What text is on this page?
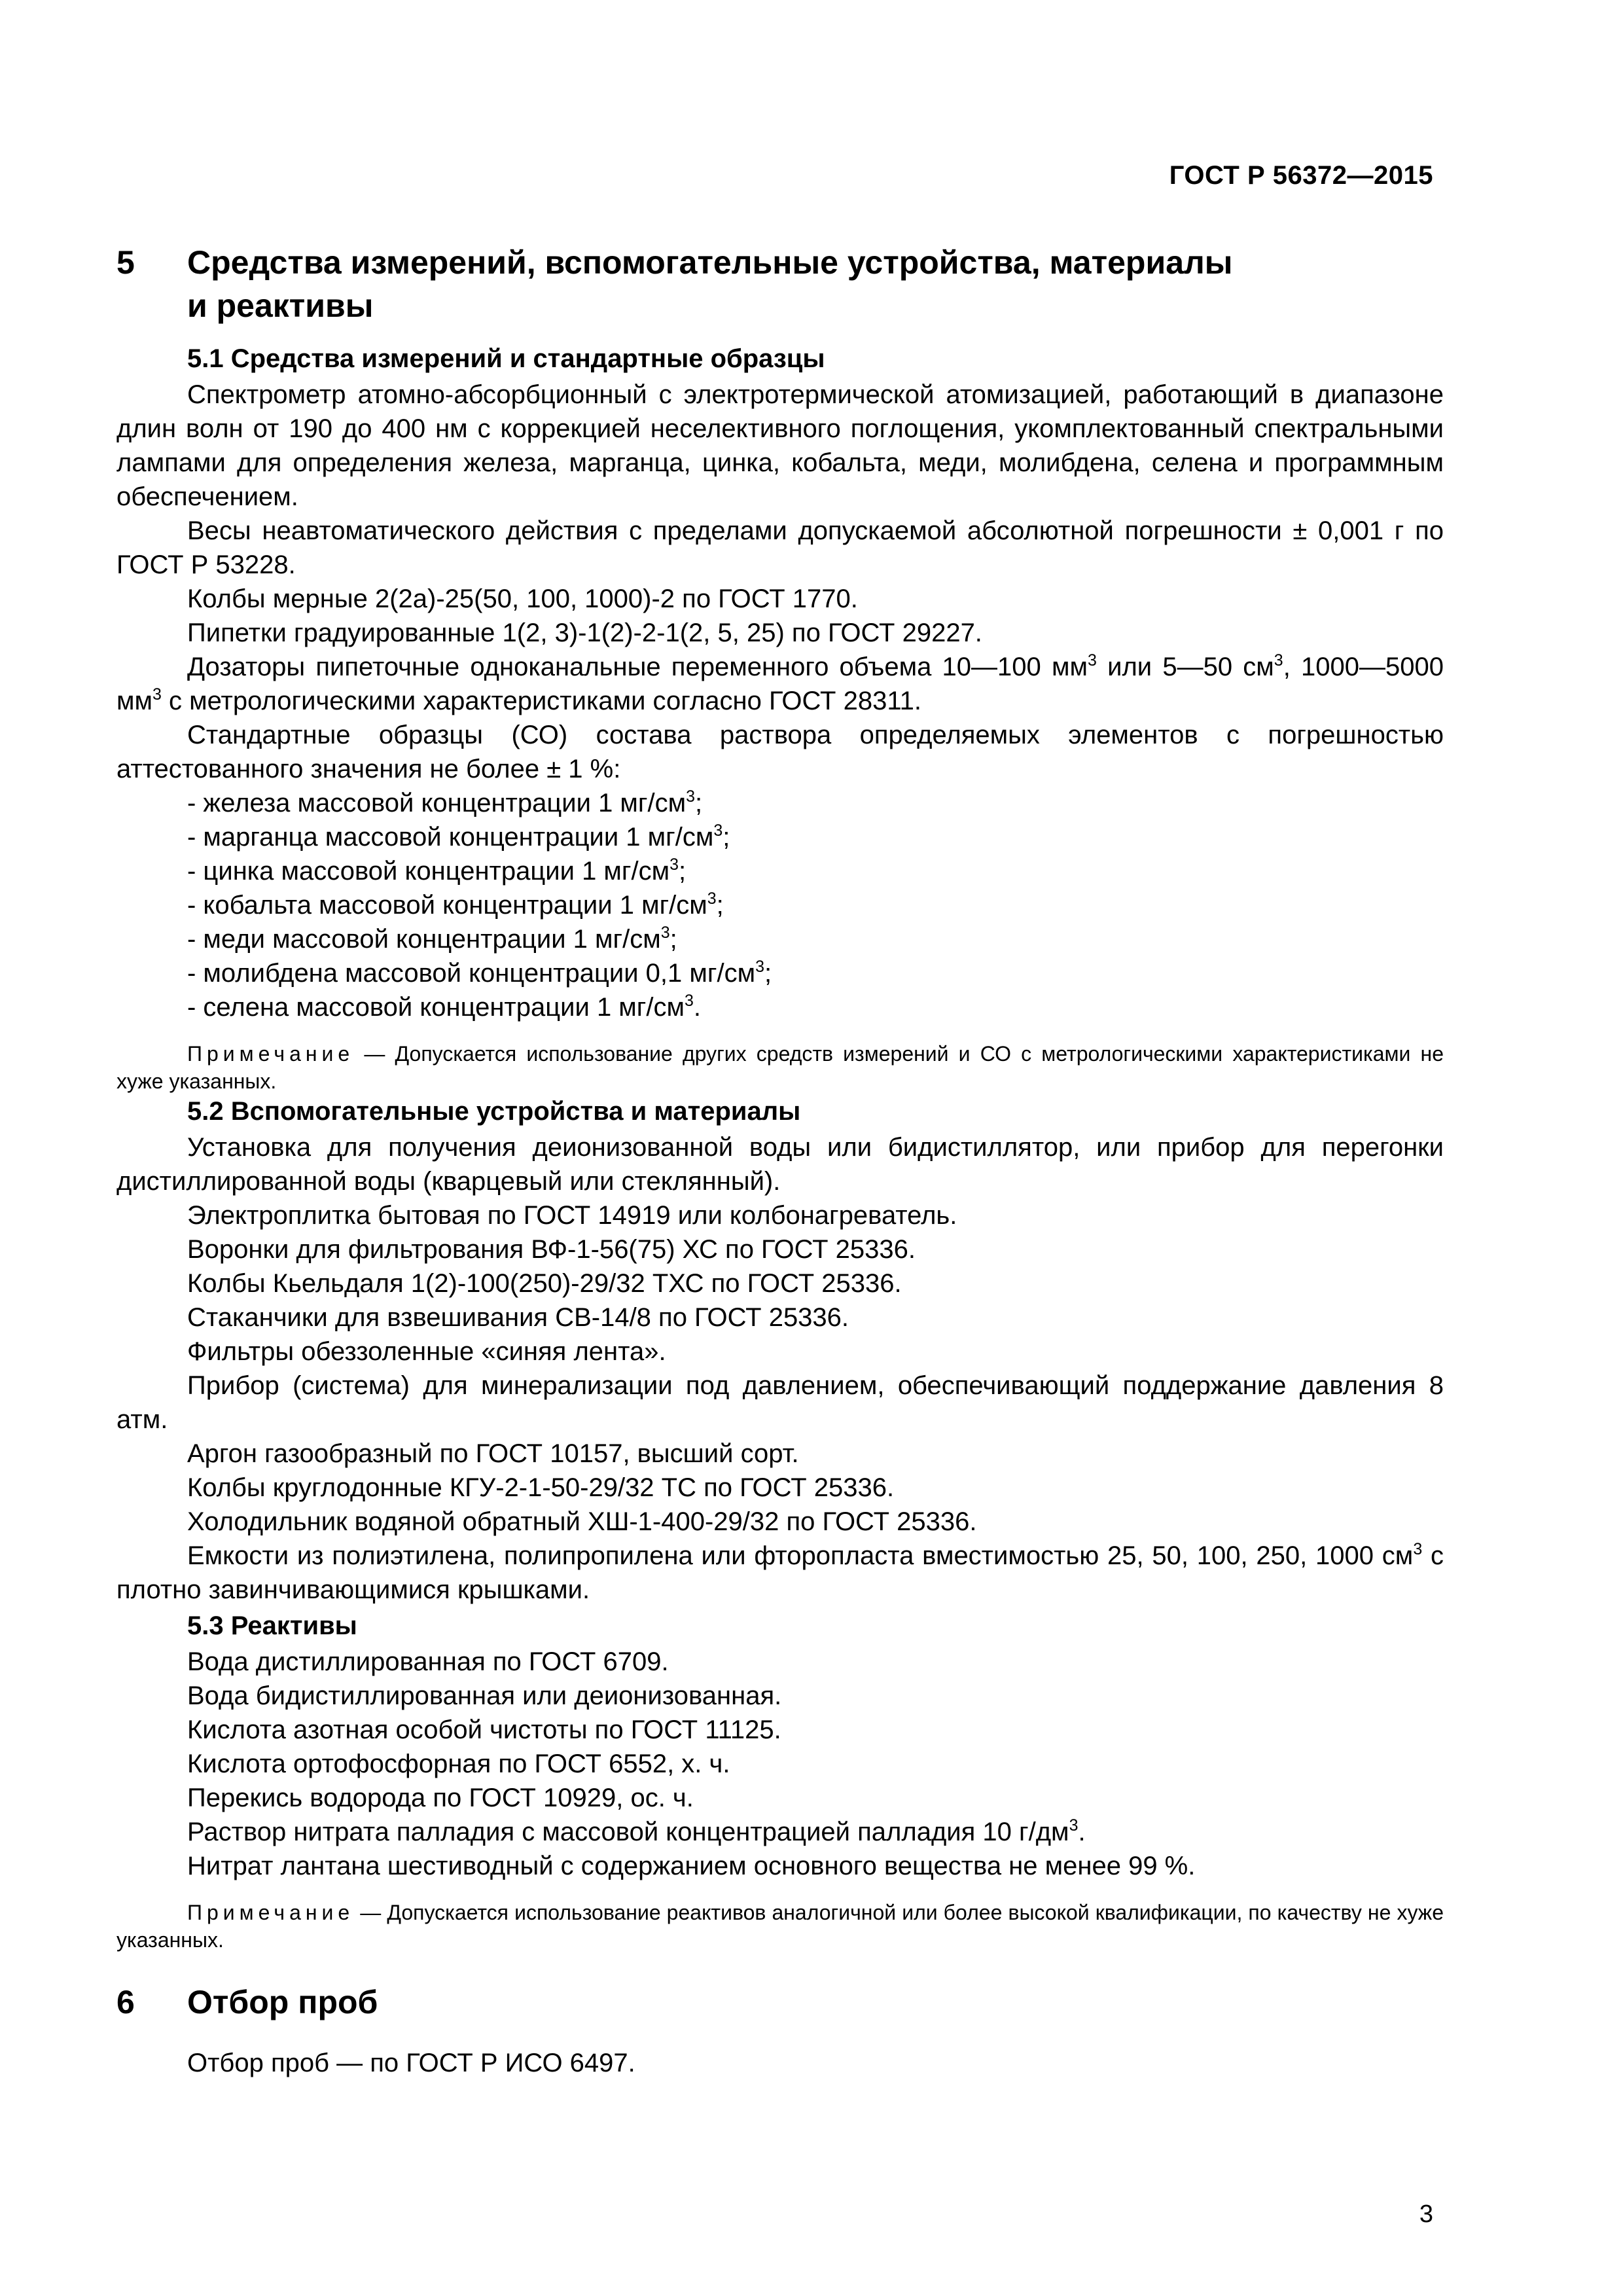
ГОСТ Р 56372—2015
5 Средства измерений, вспомогательные устройства, материалы
и реактивы
5.1 Средства измерений и стандартные образцы

Спектрометр атомно-абсорбционный с электротермической атомизацией, работающий в диапазоне длин волн от 190 до 400 нм с коррекцией неселективного поглощения, укомплектованный спектральными лампами для определения железа, марганца, цинка, кобальта, меди, молибдена, селена и программным обеспечением.

Весы неавтоматического действия с пределами допускаемой абсолютной погрешности ± 0,001 г по ГОСТ Р 53228.

Колбы мерные 2(2а)-25(50, 100, 1000)-2 по ГОСТ 1770.

Пипетки градуированные 1(2, 3)-1(2)-2-1(2, 5, 25) по ГОСТ 29227.

Дозаторы пипеточные одноканальные переменного объема 10—100 $мм^3$ или 5—50 $см^3$, 1000—5000 $мм^3$ с метрологическими характеристиками согласно ГОСТ 28311.

Стандартные образцы (СО) состава раствора определяемых элементов с погрешностью аттестованного значения не более ± 1 %:

- железа массовой концентрации 1 $мг/см^3$;

- марганца массовой концентрации 1 $мг/см^3$;

- цинка массовой концентрации 1 $мг/см^3$;

- кобальта массовой концентрации 1 $мг/см^3$;

- меди массовой концентрации 1 $мг/см^3$;

- молибдена массовой концентрации 0,1 $мг/см^3$;

- селена массовой концентрации 1 $мг/см^3$.

Примечание — Допускается использование других средств измерений и СО с метрологическими характеристиками не хуже указанных.

5.2 Вспомогательные устройства и материалы

Установка для получения деионизованной воды или бидистиллятор, или прибор для перегонки дистиллированной воды (кварцевый или стеклянный).

Электроплитка бытовая по ГОСТ 14919 или колбонагреватель.

Воронки для фильтрования ВФ-1-56(75) ХС по ГОСТ 25336.

Колбы Кьельдаля 1(2)-100(250)-29/32 ТХС по ГОСТ 25336.

Стаканчики для взвешивания СВ-14/8 по ГОСТ 25336.

Фильтры обеззоленные «синяя лента».

Прибор (система) для минерализации под давлением, обеспечивающий поддержание давления 8 атм.

Аргон газообразный по ГОСТ 10157, высший сорт.

Колбы круглодонные КГУ-2-1-50-29/32 ТС по ГОСТ 25336.

Холодильник водяной обратный ХШ-1-400-29/32 по ГОСТ 25336.

Емкости из полиэтилена, полипропилена или фторопласта вместимостью 25, 50, 100, 250, 1000 $см^3$ с плотно завинчивающимися крышками.

5.3 Реактивы

Вода дистиллированная по ГОСТ 6709.

Вода бидистиллированная или деионизованная.

Кислота азотная особой чистоты по ГОСТ 11125.

Кислота ортофосфорная по ГОСТ 6552, х. ч.

Перекись водорода по ГОСТ 10929, ос. ч.

Раствор нитрата палладия с массовой концентрацией палладия 10 $г/дм^3$.

Нитрат лантана шестиводный с содержанием основного вещества не менее 99 %.

Примечание — Допускается использование реактивов аналогичной или более высокой квалификации, по качеству не хуже указанных.

6 Отбор проб

Отбор проб — по ГОСТ Р ИСО 6497.

3
